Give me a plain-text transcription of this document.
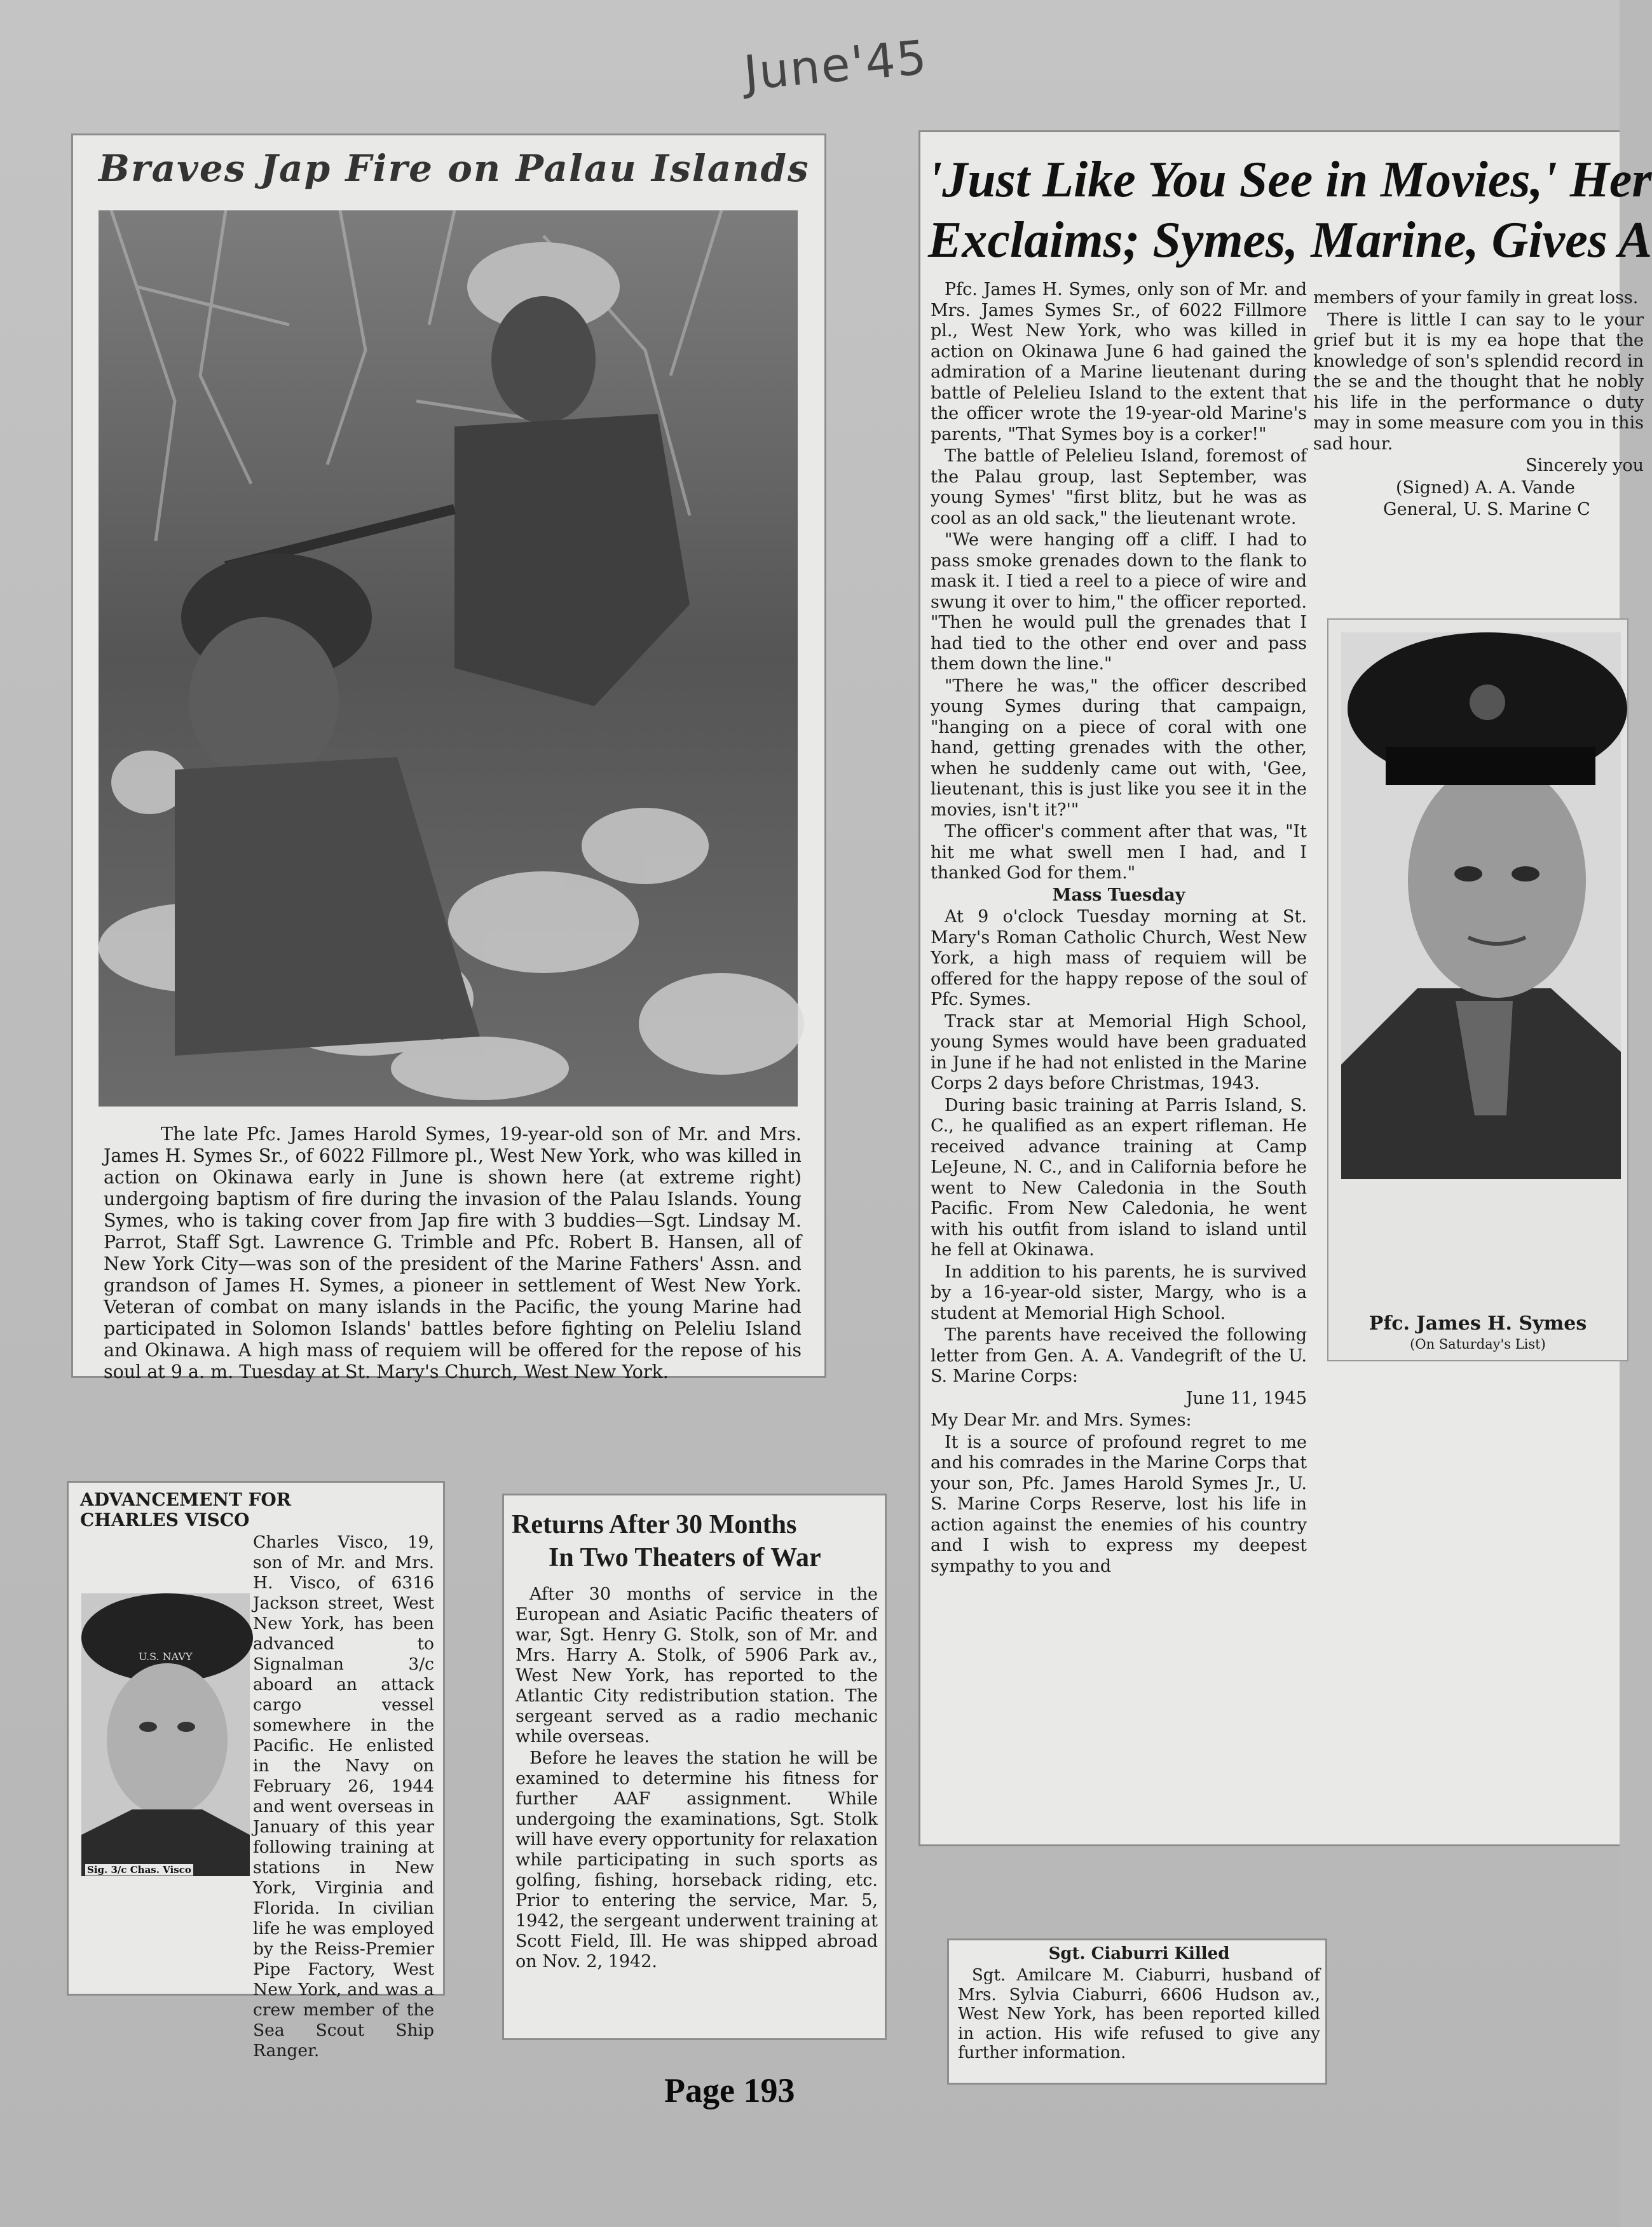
June'45
Braves Jap Fire on Palau Islands
The late Pfc. James Harold Symes, 19-year-old son of Mr. and Mrs. James H. Symes Sr., of 6022 Fillmore pl., West New York, who was killed in action on Okinawa early in June is shown here (at extreme right) undergoing baptism of fire during the invasion of the Palau Islands. Young Symes, who is taking cover from Jap fire with 3 buddies—Sgt. Lindsay M. Parrot, Staff Sgt. Lawrence G. Trimble and Pfc. Robert B. Hansen, all of New York City—was son of the president of the Marine Fathers' Assn. and grandson of James H. Symes, a pioneer in settlement of West New York. Veteran of combat on many islands in the Pacific, the young Marine had participated in Solomon Islands' battles before fighting on Peleliu Island and Okinawa. A high mass of requiem will be offered for the repose of his soul at 9 a. m. Tuesday at St. Mary's Church, West New York.
'Just Like You See in Movies,' Her
Exclaims; Symes, Marine, Gives A

Pfc. James H. Symes, only son of Mr. and Mrs. James Symes Sr., of 6022 Fillmore pl., West New York, who was killed in action on Okinawa June 6 had gained the admiration of a Marine lieutenant during battle of Pelelieu Island to the extent that the officer wrote the 19-year-old Marine's parents, "That Symes boy is a corker!"

The battle of Pelelieu Island, foremost of the Palau group, last September, was young Symes' "first blitz, but he was as cool as an old sack," the lieutenant wrote.

"We were hanging off a cliff. I had to pass smoke grenades down to the flank to mask it. I tied a reel to a piece of wire and swung it over to him," the officer reported. "Then he would pull the grenades that I had tied to the other end over and pass them down the line."

"There he was," the officer described young Symes during that campaign, "hanging on a piece of coral with one hand, getting grenades with the other, when he suddenly came out with, 'Gee, lieutenant, this is just like you see it in the movies, isn't it?'"

The officer's comment after that was, "It hit me what swell men I had, and I thanked God for them."

Mass Tuesday

At 9 o'clock Tuesday morning at St. Mary's Roman Catholic Church, West New York, a high mass of requiem will be offered for the happy repose of the soul of Pfc. Symes.

Track star at Memorial High School, young Symes would have been graduated in June if he had not enlisted in the Marine Corps 2 days before Christmas, 1943.

During basic training at Parris Island, S. C., he qualified as an expert rifleman. He received advance training at Camp LeJeune, N. C., and in California before he went to New Caledonia in the South Pacific. From New Caledonia, he went with his outfit from island to island until he fell at Okinawa.

In addition to his parents, he is survived by a 16-year-old sister, Margy, who is a student at Memorial High School.

The parents have received the following letter from Gen. A. A. Vandegrift of the U. S. Marine Corps:

June 11, 1945

My Dear Mr. and Mrs. Symes:

It is a source of profound regret to me and his comrades in the Marine Corps that your son, Pfc. James Harold Symes Jr., U. S. Marine Corps Reserve, lost his life in action against the enemies of his country and I wish to express my deepest sympathy to you and

members of your family in great loss.

There is little I can say to le your grief but it is my ea hope that the knowledge of son's splendid record in the se and the thought that he nobly his life in the performance o duty may in some measure com you in this sad hour.

Sincerely you

(Signed) A. A. Vande

General, U. S. Marine C

Pfc. James H. Symes
(On Saturday's List)
ADVANCEMENT FOR
CHARLES VISCO
U.S. NAVY
Sig. 3/c Chas. Visco
Charles Visco, 19, son of Mr. and Mrs. H. Visco, of 6316 Jackson street, West New York, has been advanced to Signalman 3/c aboard an attack cargo vessel somewhere in the Pacific. He enlisted in the Navy on February 26, 1944 and went overseas in January of this year following training at stations in New York, Virginia and Florida. In civilian life he was employed by the Reiss-Premier Pipe Factory, West New York, and was a crew member of the Sea Scout Ship Ranger.
Returns After 30 Months
In Two Theaters of War

After 30 months of service in the European and Asiatic Pacific theaters of war, Sgt. Henry G. Stolk, son of Mr. and Mrs. Harry A. Stolk, of 5906 Park av., West New York, has reported to the Atlantic City redistribution station. The sergeant served as a radio mechanic while overseas.

Before he leaves the station he will be examined to determine his fitness for further AAF assignment. While undergoing the examinations, Sgt. Stolk will have every opportunity for relaxation while participating in such sports as golfing, fishing, horseback riding, etc. Prior to entering the service, Mar. 5, 1942, the sergeant underwent training at Scott Field, Ill. He was shipped abroad on Nov. 2, 1942.	Sgt. Ciaburri Killed
Sgt. Amilcare M. Ciaburri, husband of Mrs. Sylvia Ciaburri, 6606 Hudson av., West New York, has been reported killed in action. His wife refused to give any further information.
Page 193
